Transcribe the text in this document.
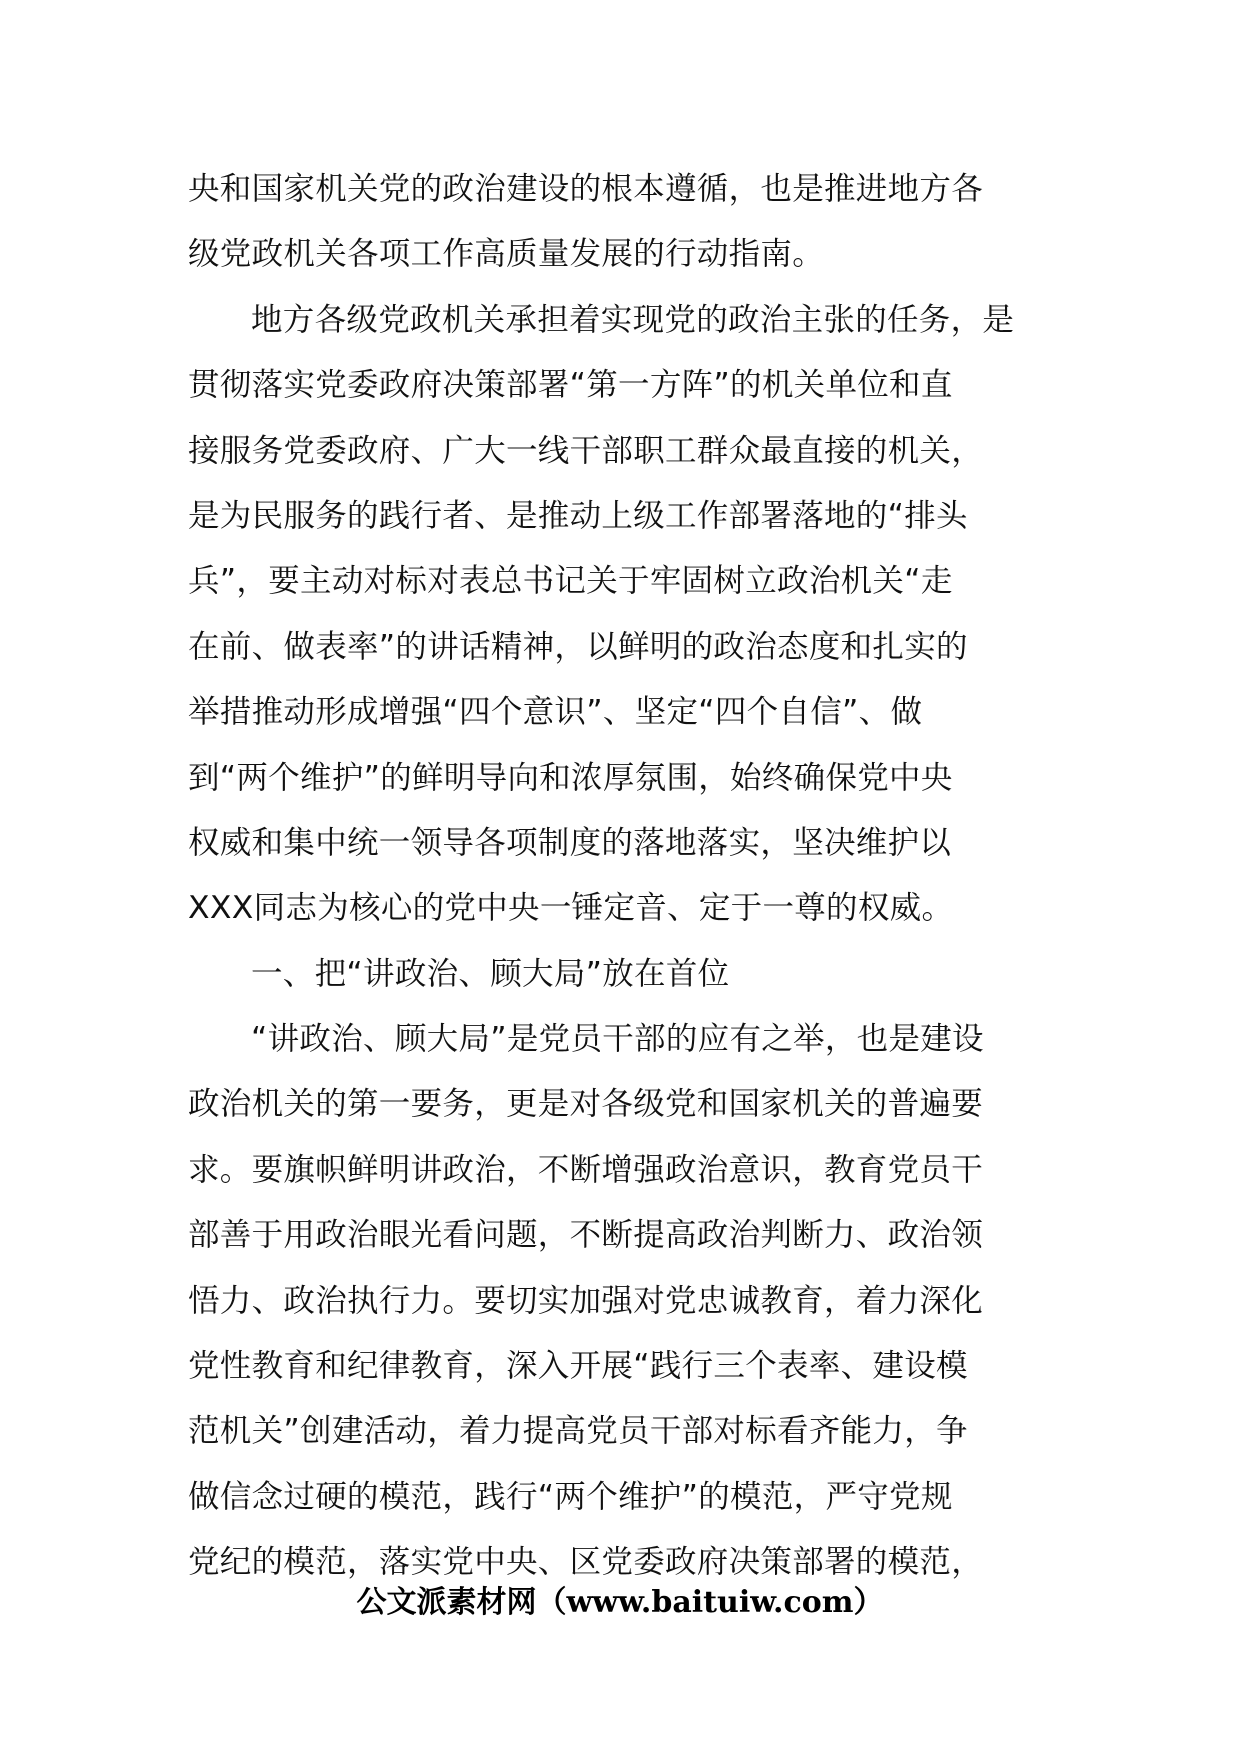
央和国家机关党的政治建设的根本遵循，也是推进地方各
级党政机关各项工作高质量发展的行动指南。
地方各级党政机关承担着实现党的政治主张的任务，是
贯彻落实党委政府决策部署“第一方阵”的机关单位和直
接服务党委政府、广大一线干部职工群众最直接的机关，
是为民服务的践行者、是推动上级工作部署落地的“排头
兵”，要主动对标对表总书记关于牢固树立政治机关“走
在前、做表率”的讲话精神，以鲜明的政治态度和扎实的
举措推动形成增强“四个意识”、坚定“四个自信”、做
到“两个维护”的鲜明导向和浓厚氛围，始终确保党中央
权威和集中统一领导各项制度的落地落实，坚决维护以
XXX同志为核心的党中央一锤定音、定于一尊的权威。
一、把“讲政治、顾大局”放在首位
“讲政治、顾大局”是党员干部的应有之举，也是建设
政治机关的第一要务，更是对各级党和国家机关的普遍要
求。要旗帜鲜明讲政治，不断增强政治意识，教育党员干
部善于用政治眼光看问题，不断提高政治判断力、政治领
悟力、政治执行力。要切实加强对党忠诚教育，着力深化
党性教育和纪律教育，深入开展“践行三个表率、建设模
范机关”创建活动，着力提高党员干部对标看齐能力，争
做信念过硬的模范，践行“两个维护”的模范，严守党规
党纪的模范，落实党中央、区党委政府决策部署的模范，
公文派素材网（www.baituiw.com）
